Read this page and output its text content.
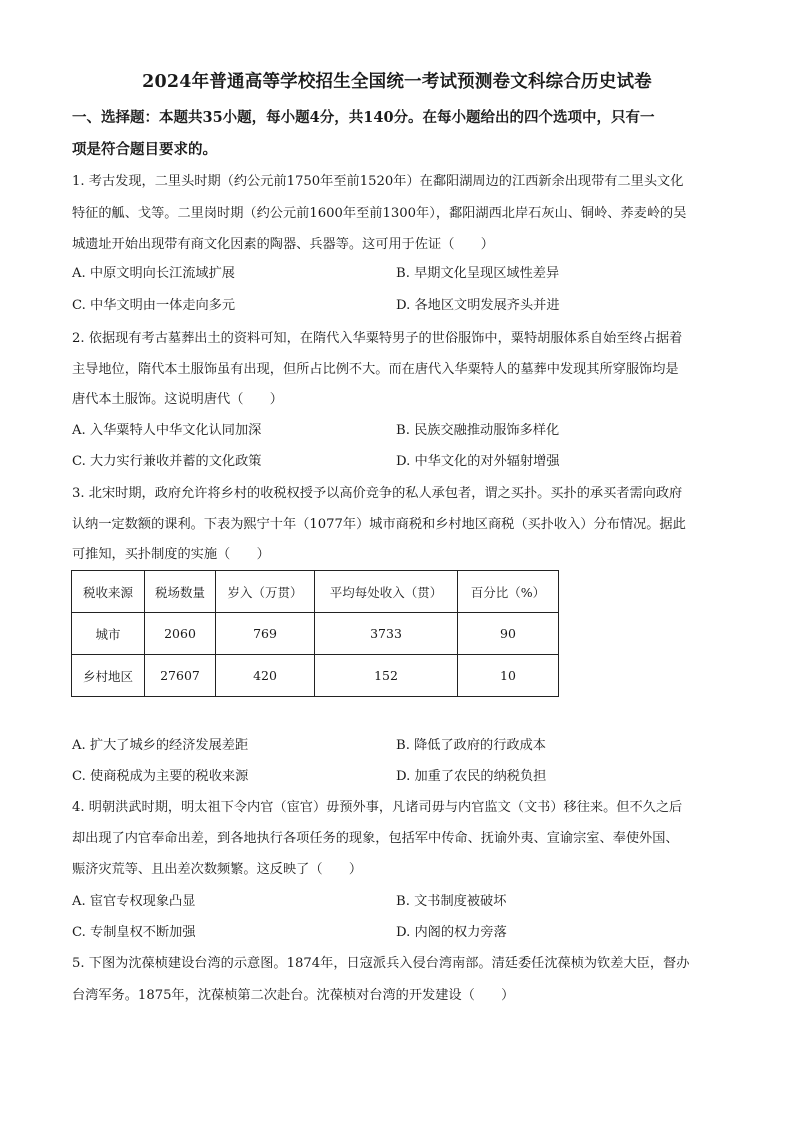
2024年普通高等学校招生全国统一考试预测卷文科综合历史试卷
一、选择题：本题共35小题，每小题4分，共140分。在每小题给出的四个选项中，只有一
项是符合题目要求的。
1. 考古发现，二里头时期（约公元前1750年至前1520年）在鄱阳湖周边的江西新余出现带有二里头文化
特征的觚、戈等。二里岗时期（约公元前1600年至前1300年），鄱阳湖西北岸石灰山、铜岭、荞麦岭的吴
城遗址开始出现带有商文化因素的陶器、兵器等。这可用于佐证（　　）
A. 中原文明向长江流域扩展	B. 早期文化呈现区域性差异
C. 中华文明由一体走向多元	D. 各地区文明发展齐头并进
2. 依据现有考古墓葬出土的资料可知，在隋代入华粟特男子的世俗服饰中，粟特胡服体系自始至终占据着
主导地位，隋代本土服饰虽有出现，但所占比例不大。而在唐代入华粟特人的墓葬中发现其所穿服饰均是
唐代本土服饰。这说明唐代（　　）
A. 入华粟特人中华文化认同加深	B. 民族交融推动服饰多样化
C. 大力实行兼收并蓄的文化政策	D. 中华文化的对外辐射增强
3. 北宋时期，政府允许将乡村的收税权授予以高价竞争的私人承包者，谓之买扑。买扑的承买者需向政府
认纳一定数额的课利。下表为熙宁十年（1077年）城市商税和乡村地区商税（买扑收入）分布情况。据此
可推知，买扑制度的实施（　　）
税收来源	税场数量	岁入（万贯）	平均每处收入（贯）	百分比（%）
城市	2060	769	3733	90
乡村地区	27607	420	152	10
A. 扩大了城乡的经济发展差距	B. 降低了政府的行政成本
C. 使商税成为主要的税收来源	D. 加重了农民的纳税负担
4. 明朝洪武时期，明太祖下令内官（宦官）毋预外事，凡诸司毋与内官监文（文书）移往来。但不久之后
却出现了内官奉命出差，到各地执行各项任务的现象，包括军中传命、抚谕外夷、宣谕宗室、奉使外国、
赈济灾荒等、且出差次数频繁。这反映了（　　）
A. 宦官专权现象凸显	B. 文书制度被破坏
C. 专制皇权不断加强	D. 内阁的权力旁落
5. 下图为沈葆桢建设台湾的示意图。1874年，日寇派兵入侵台湾南部。清廷委任沈葆桢为钦差大臣，督办
台湾军务。1875年，沈葆桢第二次赴台。沈葆桢对台湾的开发建设（　　）
